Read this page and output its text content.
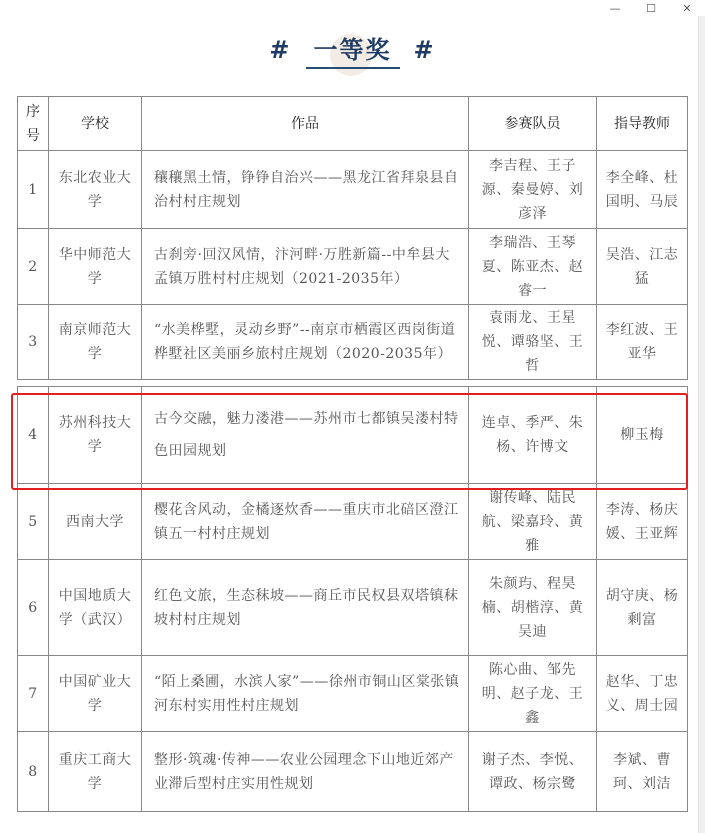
—	☐	✕
# 一等奖 #
序号	学校	作品	参赛队员	指导教师
1	东北农业大学	穰穰黑土情，铮铮自治兴——黑龙江省拜泉县自治村村庄规划	李吉程、王子源、秦曼婷、刘彦泽	李全峰、杜国明、马辰
2	华中师范大学	古刹旁·回汉风情，汴河畔·万胜新篇--中牟县大孟镇万胜村村庄规划（2021-2035年）	李瑞浩、王琴夏、陈亚杰、赵睿一	吴浩、江志猛
3	南京师范大学	“水美桦墅，灵动乡野”--南京市栖霞区西岗街道桦墅社区美丽乡旅村庄规划（2020-2035年）	袁雨龙、王星悦、谭骆坚、王哲	李红波、王亚华

4	苏州科技大学	古今交融，魅力溇港——苏州市七都镇吴溇村特色田园规划	连卓、季严、朱杨、许博文	柳玉梅
5	西南大学	樱花含风动，金橘逐炊香——重庆市北碚区澄江镇五一村村庄规划	谢传峰、陆民航、梁嘉玲、黄雅	李涛、杨庆媛、王亚辉
6	中国地质大学（武汉）	红色文旅，生态秣坡——商丘市民权县双塔镇秣坡村村庄规划	朱颜玙、程昊楠、胡楷淳、黄吴迪	胡守庚、杨剩富
7	中国矿业大学	“陌上桑圃，水滨人家”——徐州市铜山区棠张镇河东村实用性村庄规划	陈心曲、邹先明、赵子龙、王鑫	赵华、丁忠义、周士园
8	重庆工商大学	整形·筑魂·传神——农业公园理念下山地近郊产业滞后型村庄实用性规划	谢子杰、李悦、谭政、杨宗鹭	李斌、曹珂、刘洁
